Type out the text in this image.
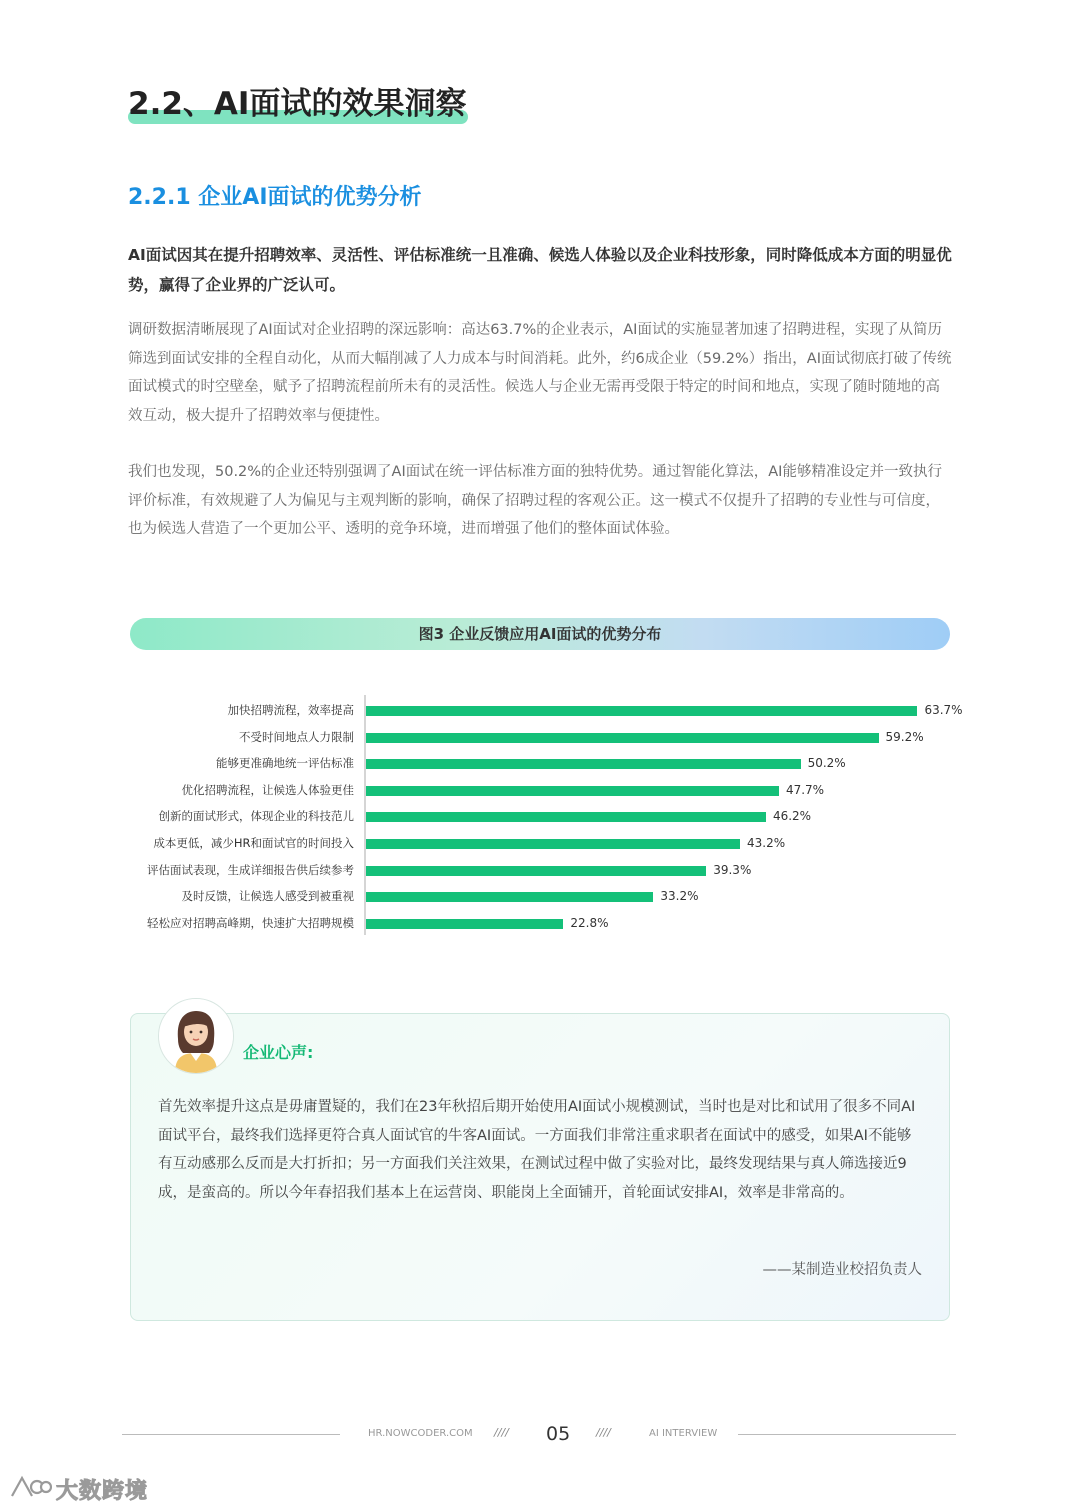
2.2、AI面试的效果洞察
2.2.1 企业AI面试的优势分析
AI面试因其在提升招聘效率、灵活性、评估标准统一且准确、候选人体验以及企业科技形象，同时降低成本方面的明显优势，赢得了企业界的广泛认可。
调研数据清晰展现了AI面试对企业招聘的深远影响：高达63.7%的企业表示，AI面试的实施显著加速了招聘进程，实现了从简历筛选到面试安排的全程自动化，从而大幅削减了人力成本与时间消耗。此外，约6成企业（59.2%）指出，AI面试彻底打破了传统面试模式的时空壁垒，赋予了招聘流程前所未有的灵活性。候选人与企业无需再受限于特定的时间和地点，实现了随时随地的高效互动，极大提升了招聘效率与便捷性。
我们也发现，50.2%的企业还特别强调了AI面试在统一评估标准方面的独特优势。通过智能化算法，AI能够精准设定并一致执行评价标准，有效规避了人为偏见与主观判断的影响，确保了招聘过程的客观公正。这一模式不仅提升了招聘的专业性与可信度，也为候选人营造了一个更加公平、透明的竞争环境，进而增强了他们的整体面试体验。
图3 企业反馈应用AI面试的优势分布
加快招聘流程，效率提高	63.7%
不受时间地点人力限制	59.2%
能够更准确地统一评估标准	50.2%
优化招聘流程，让候选人体验更佳	47.7%
创新的面试形式，体现企业的科技范儿	46.2%
成本更低，减少HR和面试官的时间投入	43.2%
评估面试表现，生成详细报告供后续参考	39.3%
及时反馈，让候选人感受到被重视	33.2%
轻松应对招聘高峰期，快速扩大招聘规模	22.8%
企业心声:
首先效率提升这点是毋庸置疑的，我们在23年秋招后期开始使用AI面试小规模测试，当时也是对比和试用了很多不同AI面试平台，最终我们选择更符合真人面试官的牛客AI面试。一方面我们非常注重求职者在面试中的感受，如果AI不能够有互动感那么反而是大打折扣；另一方面我们关注效果，在测试过程中做了实验对比，最终发现结果与真人筛选接近9成，是蛮高的。所以今年春招我们基本上在运营岗、职能岗上全面铺开，首轮面试安排AI，效率是非常高的。
——某制造业校招负责人
HR.NOWCODER.COM //// 05 ////	AI INTERVIEW
大数跨境
